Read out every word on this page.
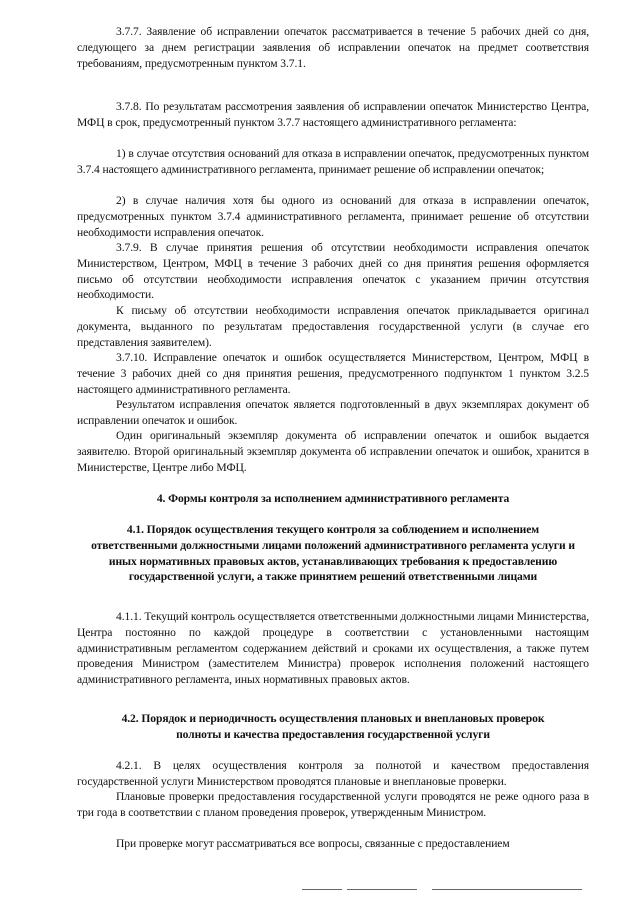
3.7.7. Заявление об исправлении опечаток рассматривается в течение 5 рабочих дней со дня, следующего за днем регистрации заявления об исправлении опечаток на предмет соответствия требованиям, предусмотренным пунктом 3.7.1.

3.7.8. По результатам рассмотрения заявления об исправлении опечаток Министерство Центра, МФЦ в срок, предусмотренный пунктом 3.7.7 настоящего административного регламента:

1) в случае отсутствия оснований для отказа в исправлении опечаток, предусмотренных пунктом 3.7.4 настоящего административного регламента, принимает решение об исправлении опечаток;

2) в случае наличия хотя бы одного из оснований для отказа в исправлении опечаток, предусмотренных пунктом 3.7.4 административного регламента, принимает решение об отсутствии необходимости исправления опечаток.

3.7.9. В случае принятия решения об отсутствии необходимости исправления опечаток Министерством, Центром, МФЦ в течение 3 рабочих дней со дня принятия решения оформляется письмо об отсутствии необходимости исправления опечаток с указанием причин отсутствия необходимости.

К письму об отсутствии необходимости исправления опечаток прикладывается оригинал документа, выданного по результатам предоставления государственной услуги (в случае его представления заявителем).

3.7.10. Исправление опечаток и ошибок осуществляется Министерством, Центром, МФЦ в течение 3 рабочих дней со дня принятия решения, предусмотренного подпунктом 1 пунктом 3.2.5 настоящего административного регламента.

Результатом исправления опечаток является подготовленный в двух экземплярах документ об исправлении опечаток и ошибок.

Один оригинальный экземпляр документа об исправлении опечаток и ошибок выдается заявителю. Второй оригинальный экземпляр документа об исправлении опечаток и ошибок, хранится в Министерстве, Центре либо МФЦ.

4. Формы контроля за исполнением административного регламента

4.1. Порядок осуществления текущего контроля за соблюдением и исполнением ответственными должностными лицами положений административного регламента услуги и иных нормативных правовых актов, устанавливающих требования к предоставлению государственной услуги, а также принятием решений ответственными лицами

4.1.1. Текущий контроль осуществляется ответственными должностными лицами Министерства, Центра постоянно по каждой процедуре в соответствии с установленными настоящим административным регламентом содержанием действий и сроками их осуществления, а также путем проведения Министром (заместителем Министра) проверок исполнения положений настоящего административного регламента, иных нормативных правовых актов.

4.2. Порядок и периодичность осуществления плановых и внеплановых проверок полноты и качества предоставления государственной услуги

4.2.1. В целях осуществления контроля за полнотой и качеством предоставления государственной услуги Министерством проводятся плановые и внеплановые проверки.

Плановые проверки предоставления государственной услуги проводятся не реже одного раза в три года в соответствии с планом проведения проверок, утвержденным Министром.

При проверке могут рассматриваться все вопросы, связанные с предоставлением
